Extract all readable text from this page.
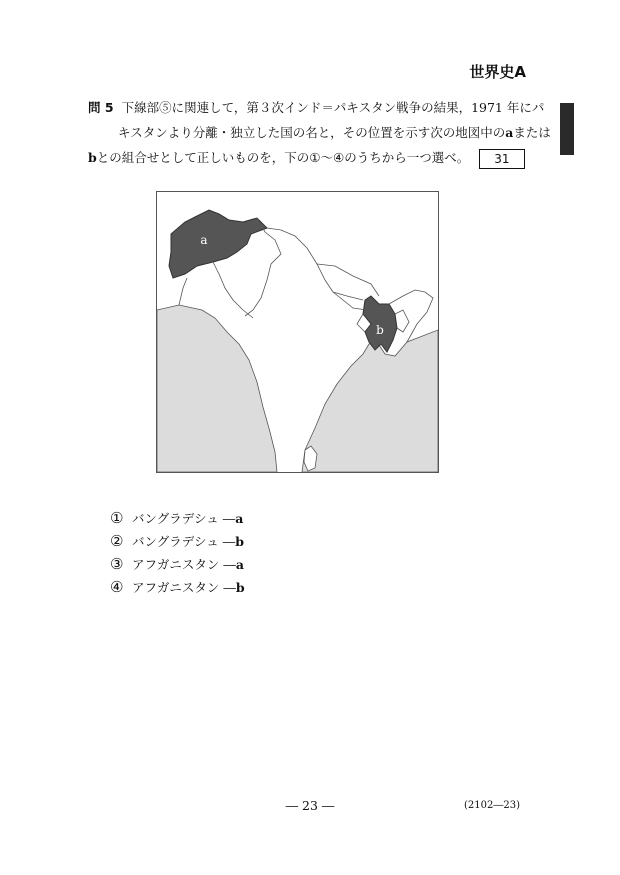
世界史A
問 5 下線部⑤に関連して，第３次インド＝パキスタン戦争の結果，1971 年にパ
キスタンより分離・独立した国の名と，その位置を示す次の地図中のaまたは
bとの組合せとして正しいものを，下の①～④のうちから一つ選べ。 31
a
b
① バングラデシュ ―a
② バングラデシュ ―b
③ アフガニスタン ―a
④ アフガニスタン ―b
― 23 ―	(2102―23)
